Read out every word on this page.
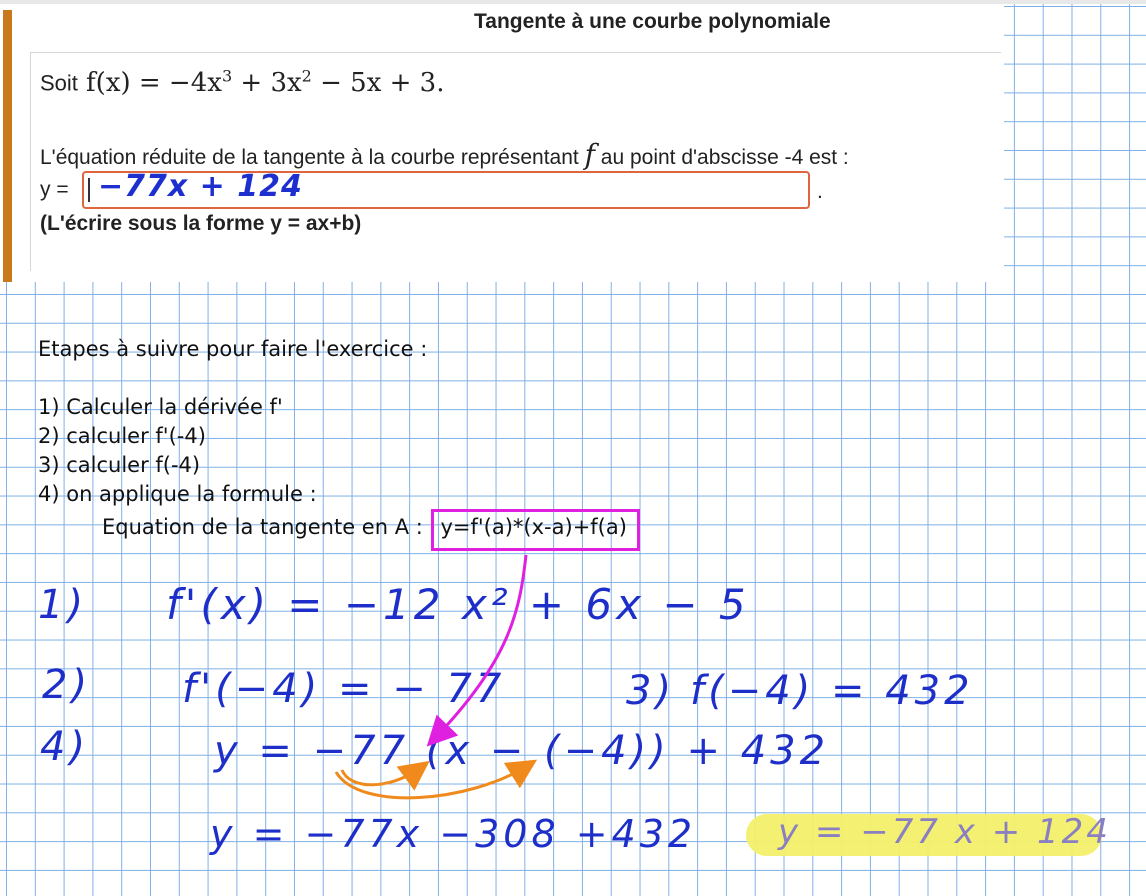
Tangente à une courbe polynomiale
Soit $f(x) = -4x^3 + 3x^2 - 5x + 3$.
L'équation réduite de la tangente à la courbe représentant f au point d'abscisse -4 est :
y = −77x + 124	.
(L'écrire sous la forme y = ax+b)
Etapes à suivre pour faire l'exercice :
1) Calculer la dérivée f'
2) calculer f'(-4)
3) calculer f(-4)
4) on applique la formule :
Equation de la tangente en A : y=f'(a)*(x-a)+f(a)
1) f'(x) = −12 x² + 6x − 5
2) f'(−4) = − 77	3) f(−4) = 432
4)	y = −77 (x − (−4)) + 432
y = −77x −308 +432 y = −77 x + 124
